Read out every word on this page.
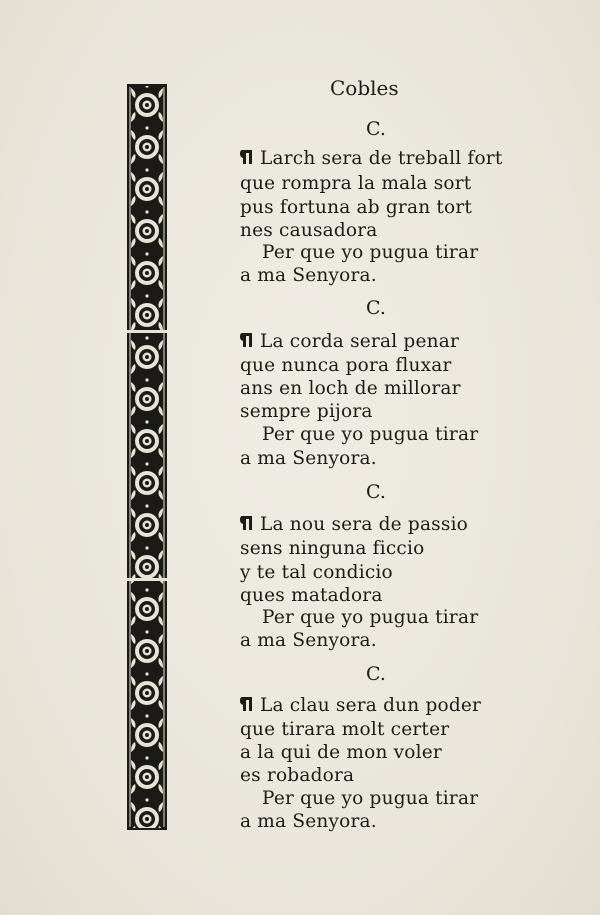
Cobles
C.
Larch sera de treball fort
que rompra la mala sort
pus fortuna ab gran tort
nes causadora
Per que yo pugua tirar
a ma Senyora.
C.
La corda seral penar
que nunca pora fluxar
ans en loch de millorar
sempre pijora
Per que yo pugua tirar
a ma Senyora.
C.
La nou sera de passio
sens ninguna ficcio
y te tal condicio
ques matadora
Per que yo pugua tirar
a ma Senyora.
C.
La clau sera dun poder
que tirara molt certer
a la qui de mon voler
es robadora
Per que yo pugua tirar
a ma Senyora.
